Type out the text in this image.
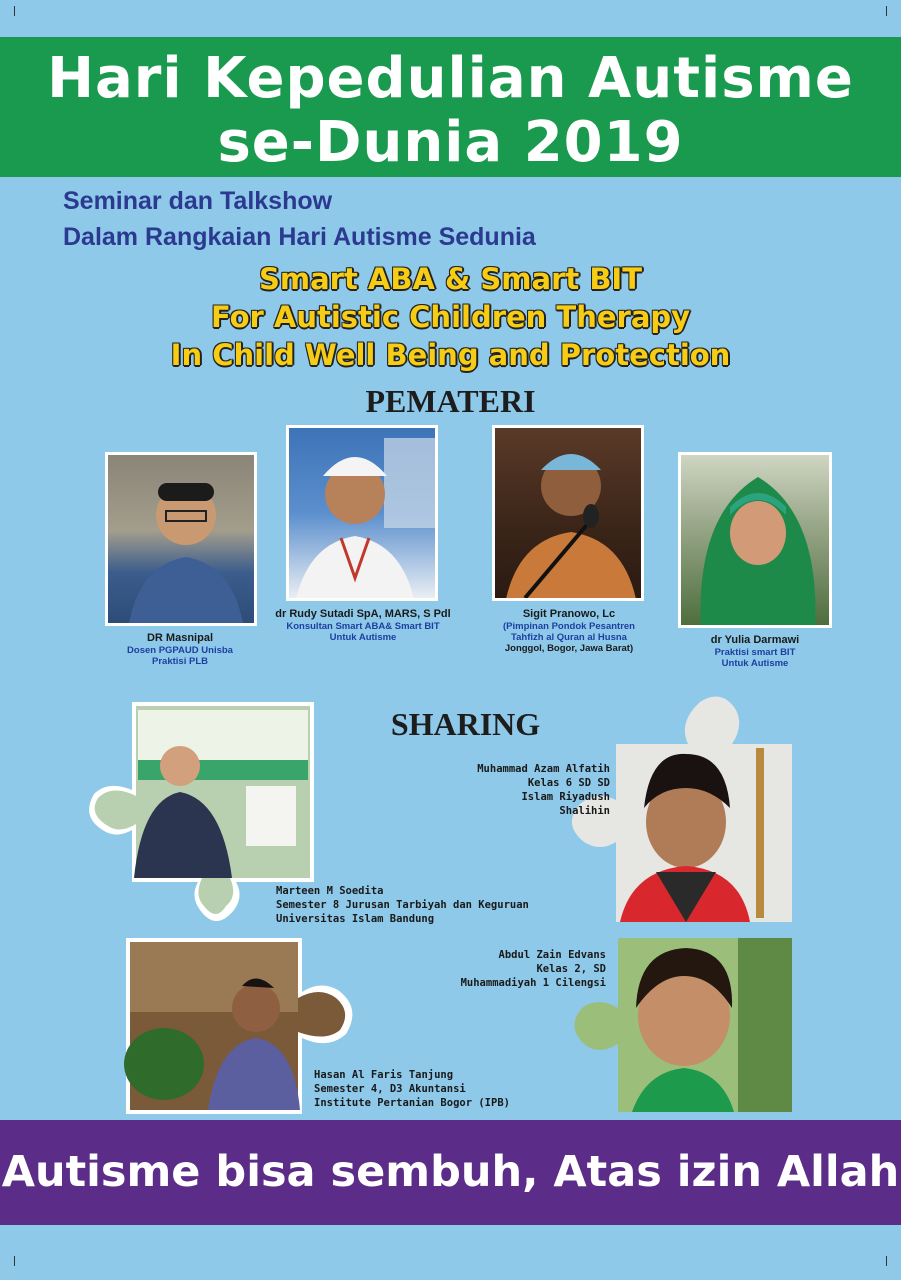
Hari Kepedulian Autisme
se-Dunia 2019
Seminar dan Talkshow
Dalam Rangkaian Hari Autisme Sedunia
Smart ABA & Smart BIT
For Autistic Children Therapy
In Child Well Being and Protection
PEMATERI
DR Masnipal
Dosen PGPAUD Unisba
Praktisi PLB
dr Rudy Sutadi SpA, MARS, S Pdl
Konsultan Smart ABA& Smart BIT
Untuk Autisme
Sigit Pranowo, Lc
(Pimpinan Pondok Pesantren
Tahfizh al Quran al Husna
Jonggol, Bogor, Jawa Barat)
dr Yulia Darmawi
Praktisi smart BIT
Untuk Autisme
SHARING
Marteen M Soedita
Semester 8 Jurusan Tarbiyah dan Keguruan
Universitas Islam Bandung
Muhammad Azam Alfatih
Kelas 6 SD SD
Islam Riyadush Shalihin
Hasan Al Faris Tanjung
Semester 4, D3 Akuntansi
Institute Pertanian Bogor (IPB)
Abdul Zain Edvans
Kelas 2, SD
Muhammadiyah 1 Cilengsi
Autisme bisa sembuh, Atas izin Allah
